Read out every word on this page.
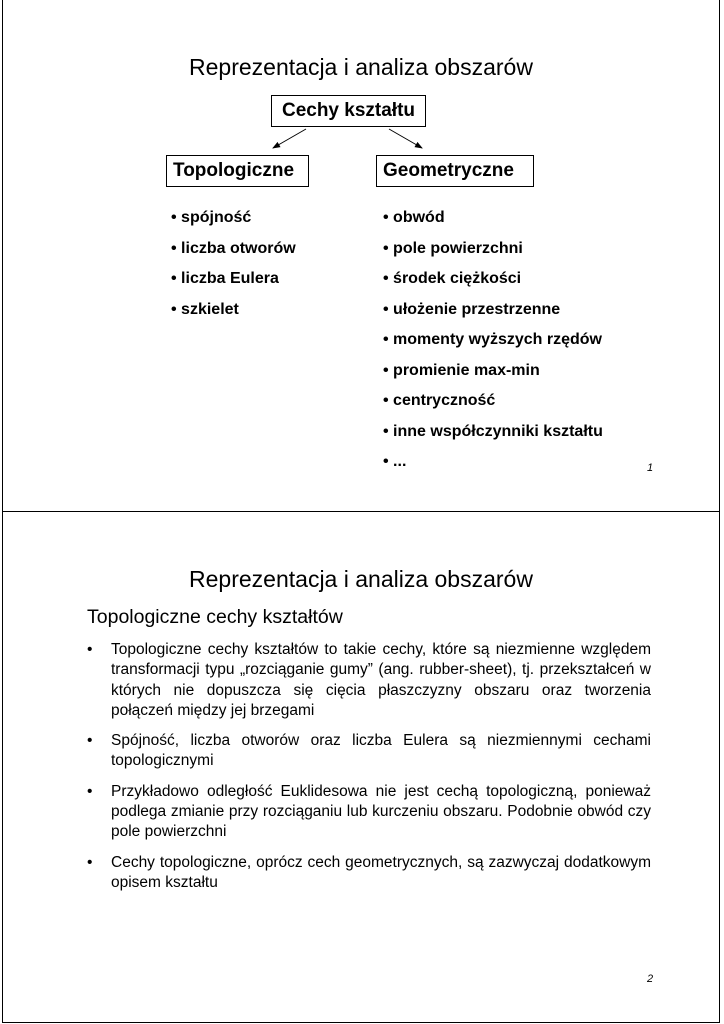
Reprezentacja i analiza obszarów
Cechy kształtu
Topologiczne	Geometryczne
• spójność
• liczba otworów
• liczba Eulera
• szkielet
• obwód
• pole powierzchni
• środek ciężkości
• ułożenie przestrzenne
• momenty wyższych rzędów
• promienie max-min
• centryczność
• inne współczynniki kształtu
• ...	1
Reprezentacja i analiza obszarów
Topologiczne cechy kształtów
• Topologiczne cechy kształtów to takie cechy, które są niezmienne względem transformacji typu „rozciąganie gumy” (ang. rubber-sheet), tj. przekształceń w których nie dopuszcza się cięcia płaszczyzny obszaru oraz tworzenia połączeń między jej brzegami
• Spójność, liczba otworów oraz liczba Eulera są niezmiennymi cechami topologicznymi
• Przykładowo odległość Euklidesowa nie jest cechą topologiczną, ponieważ podlega zmianie przy rozciąganiu lub kurczeniu obszaru. Podobnie obwód czy pole powierzchni
• Cechy topologiczne, oprócz cech geometrycznych, są zazwyczaj dodatkowym opisem kształtu
2
